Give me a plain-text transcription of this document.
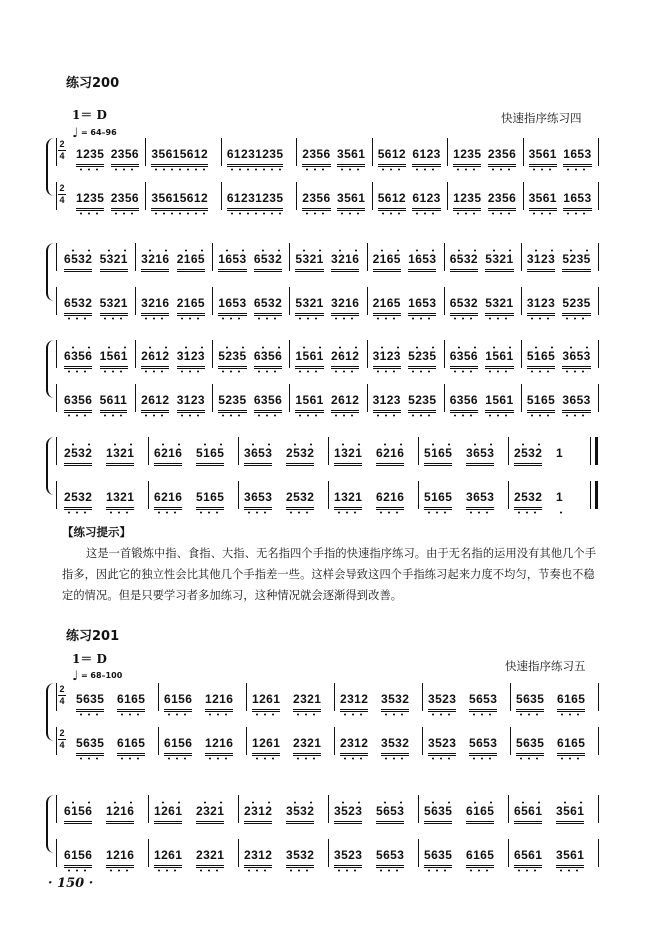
练习200
1＝ D	快速指序练习四
♩ = 64–96
2
4 1235 2356 35615612 61231235 2356 3561 5612 6123 1235 2356 3561 1653
2
4 1235 2356 35615612 61231235 2356 3561 5612 6123 1235 2356 3561 1653
6532 5321 3216 2165 1653 6532 5321 3216 2165 1653 6532 5321 3123 5235
6532 5321 3216 2165 1653 6532 5321 3216 2165 1653 6532 5321 3123 5235
6356 1561 2612 3123 5235 6356 1561 2612 3123 5235 6356 1561 5165 3653
6356 5611 2612 3123 5235 6356 1561 2612 3123 5235 6356 1561 5165 3653
2532 1321 6216 5165 3653 2532 1321 6216 5165 3653 2532 1
2532 1321 6216 5165 3653 2532 1321 6216 5165 3653 2532 1
【练习提示】
这是一首锻炼中指、食指、大指、无名指四个手指的快速指序练习。由于无名指的运用没有其他几个手
指多，因此它的独立性会比其他几个手指差一些。这样会导致这四个手指练习起来力度不均匀，节奏也不稳
定的情况。但是只要学习者多加练习，这种情况就会逐渐得到改善。
练习201
1＝ D	快速指序练习五
♩ = 68–100
2
4 5635 6165 6156 1216 1261 2321 2312 3532 3523 5653 5635 6165
2
4 5635 6165 6156 1216 1261 2321 2312 3532 3523 5653 5635 6165
6156 1216 1261 2321 2312 3532 3523 5653 5635 6165 6561 3561
6156 1216 1261 2321 2312 3532 3523 5653 5635 6165 6561 3561
· 150 ·
